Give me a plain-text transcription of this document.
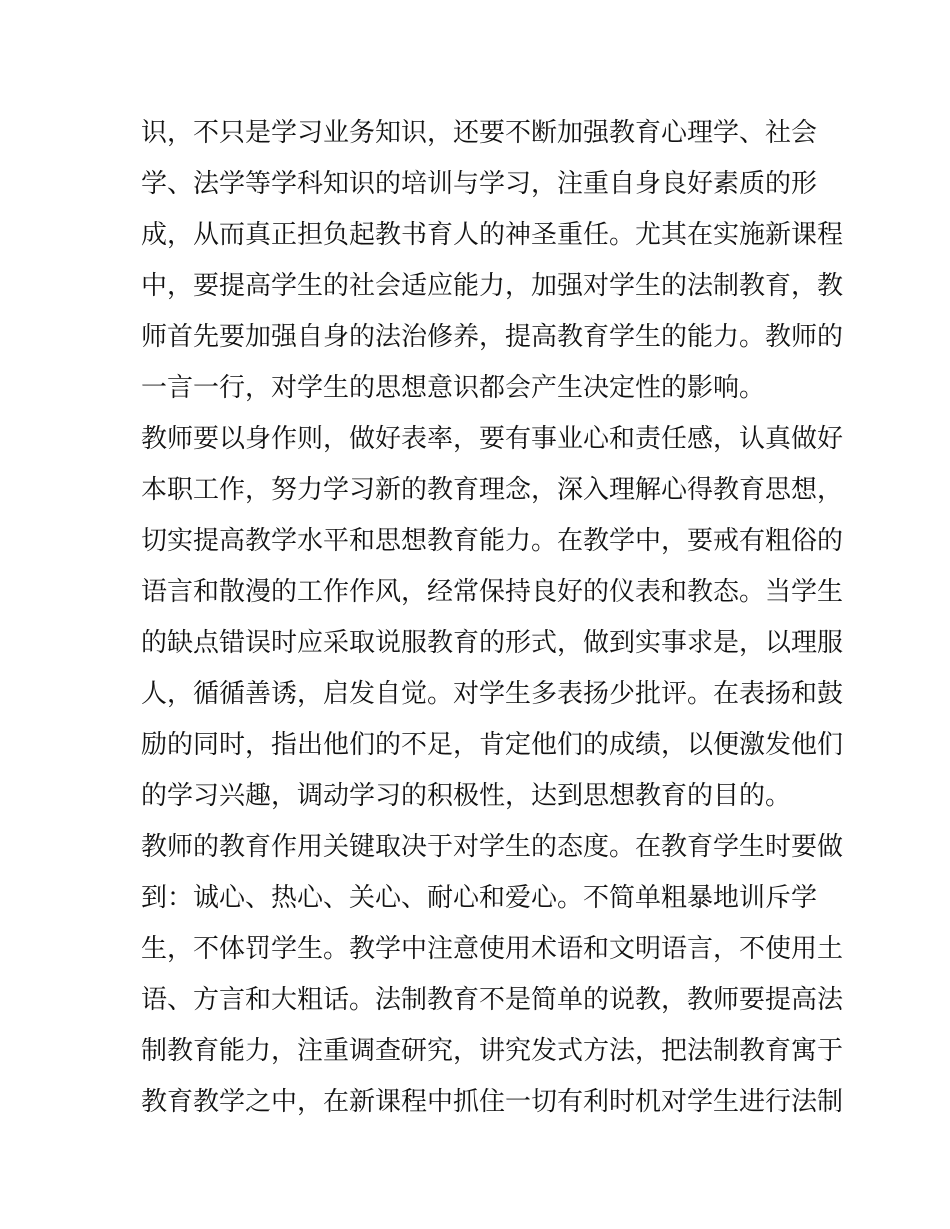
识，不只是学习业务知识，还要不断加强教育心理学、社会
学、法学等学科知识的培训与学习，注重自身良好素质的形
成，从而真正担负起教书育人的神圣重任。尤其在实施新课程
中，要提高学生的社会适应能力，加强对学生的法制教育，教
师首先要加强自身的法治修养，提高教育学生的能力。教师的
一言一行，对学生的思想意识都会产生决定性的影响。
教师要以身作则，做好表率，要有事业心和责任感，认真做好
本职工作，努力学习新的教育理念，深入理解心得教育思想，
切实提高教学水平和思想教育能力。在教学中，要戒有粗俗的
语言和散漫的工作作风，经常保持良好的仪表和教态。当学生
的缺点错误时应采取说服教育的形式，做到实事求是，以理服
人，循循善诱，启发自觉。对学生多表扬少批评。在表扬和鼓
励的同时，指出他们的不足，肯定他们的成绩，以便激发他们
的学习兴趣，调动学习的积极性，达到思想教育的目的。
教师的教育作用关键取决于对学生的态度。在教育学生时要做
到：诚心、热心、关心、耐心和爱心。不简单粗暴地训斥学
生，不体罚学生。教学中注意使用术语和文明语言，不使用土
语、方言和大粗话。法制教育不是简单的说教，教师要提高法
制教育能力，注重调查研究，讲究发式方法，把法制教育寓于
教育教学之中，在新课程中抓住一切有利时机对学生进行法制
